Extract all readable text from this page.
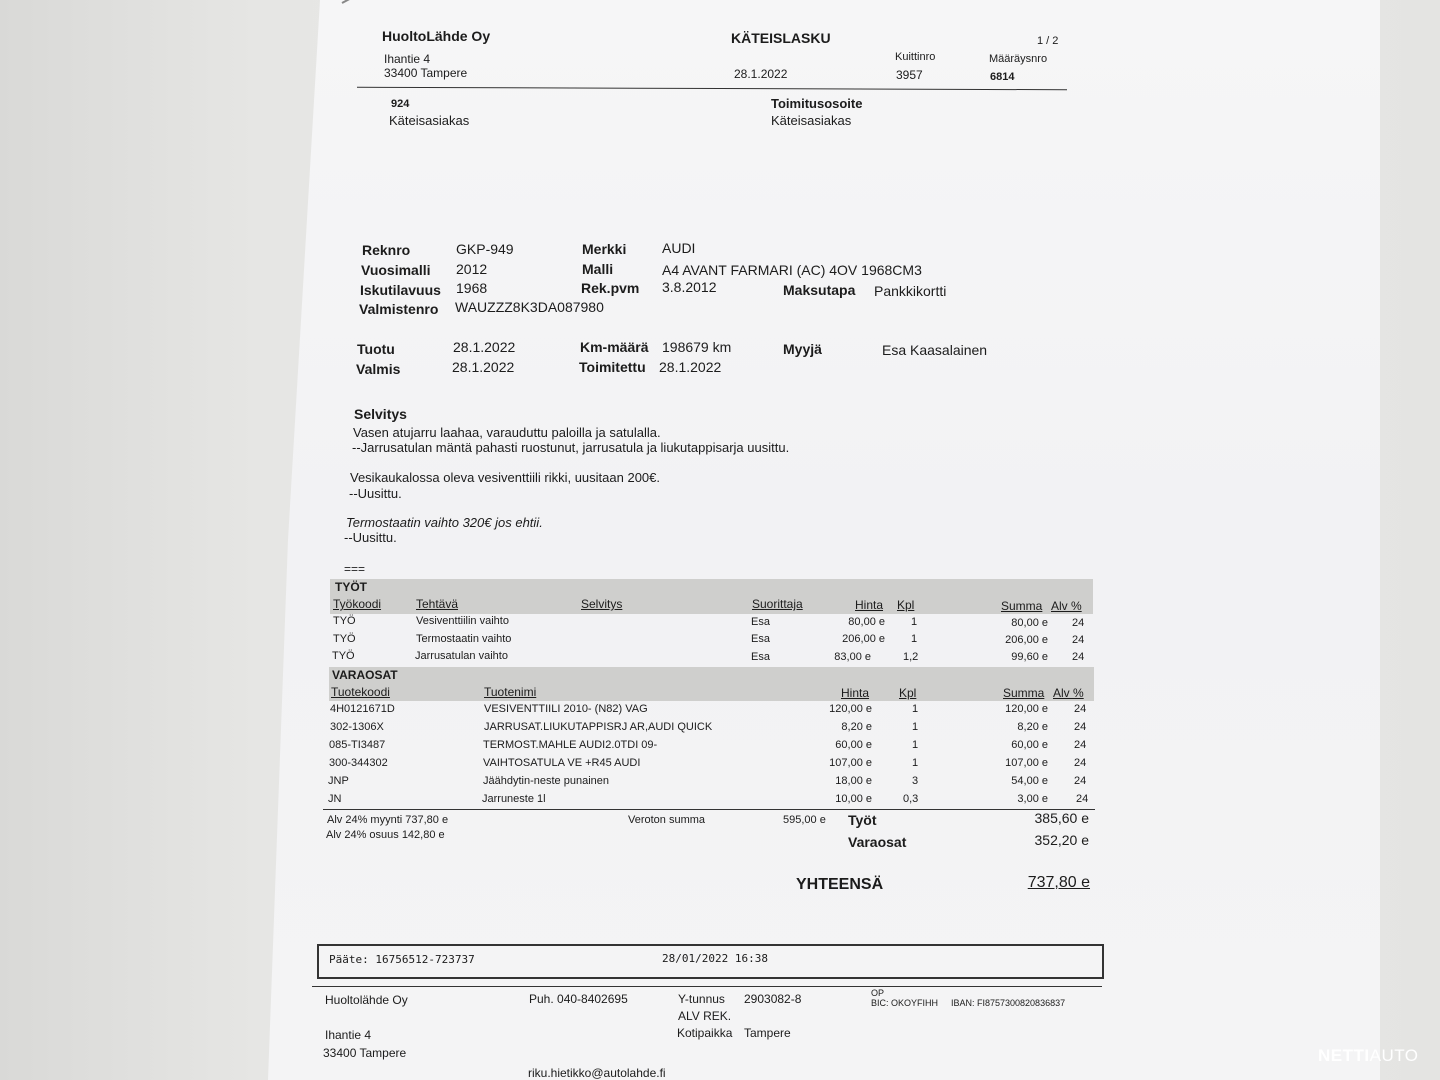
HuoltoLähde Oy
Ihantie 4
33400 Tampere
KÄTEISLASKU	1 / 2
28.1.2022
Kuittinro
3957
Määräysnro
6814
924
Käteisasiakas
Toimitusosoite
Käteisasiakas
Reknro	GKP-949	Merkki	AUDI
Vuosimalli 2012	Malli	A4 AVANT FARMARI (AC) 4OV 1968CM3
Iskutilavuus 1968	Rek.pvm 3.8.2012	Maksutapa Pankkikortti
Valmistenro WAUZZZ8K3DA087980
Tuotu	28.1.2022	Km-määrä 198679 km	Myyjä	Esa Kaasalainen
Valmis	28.1.2022	Toimitettu 28.1.2022
Selvitys
Vasen atujarru laahaa, varauduttu paloilla ja satulalla.
--Jarrusatulan mäntä pahasti ruostunut, jarrusatula ja liukutappisarja uusittu.
Vesikaukalossa oleva vesiventtiili rikki, uusitaan 200€.
--Uusittu.
Termostaatin vaihto 320€ jos ehtii.
--Uusittu.
===
TYÖT
Työkoodi	Tehtävä	Selvitys	Suorittaja	Hinta Kpl	Summa Alv %
TYÖ	Vesiventtiilin vaihto	Esa	80,00 e 1	80,00 e 24
TYÖ	Termostaatin vaihto	Esa	206,00 e 1	206,00 e 24
TYÖ	Jarrusatulan vaihto	Esa	83,00 e	1,2	99,60 e 24
VARAOSAT
Tuotekoodi	Tuotenimi	Hinta Kpl	Summa Alv %
4H0121671D	VESIVENTTIILI 2010- (N82) VAG	120,00 e	1	120,00 e 24
302-1306X	JARRUSAT.LIUKUTAPPISRJ AR,AUDI QUICK	8,20 e	1	8,20 e 24
085-TI3487	TERMOST.MAHLE AUDI2.0TDI 09-	60,00 e	1	60,00 e 24
300-344302	VAIHTOSATULA VE +R45 AUDI	107,00 e	1	107,00 e 24
JNP	Jäähdytin-neste punainen	18,00 e	3	54,00 e 24
JN	Jarruneste 1l	10,00 e	0,3	3,00 e	24
Alv 24% myynti 737,80 e
Alv 24% osuus 142,80 e
Veroton summa	595,00 e Työt	385,60 e
Varaosat	352,20 e
YHTEENSÄ	737,80 e
Pääte: 16756512-723737	28/01/2022 16:38
Huoltolähde Oy
Ihantie 4
33400 Tampere
Puh. 040-8402695
riku.hietikko@autolahde.fi
Y-tunnus 2903082-8
ALV REK.
Kotipaikka Tampere
OP
BIC: OKOYFIHH IBAN: FI8757300820836837
NETTIAUTO
